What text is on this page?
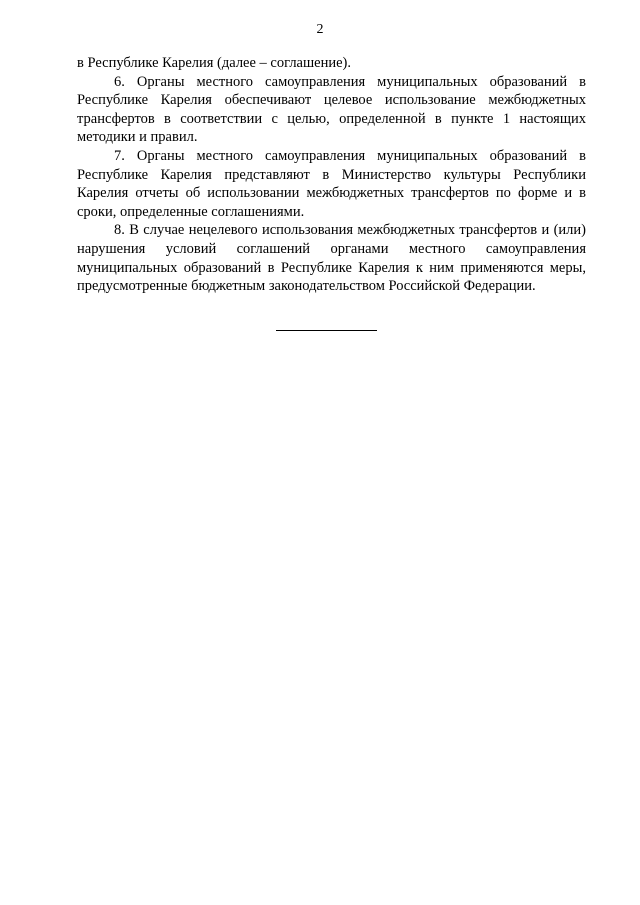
2

в Республике Карелия (далее – соглашение).

6. Органы местного самоуправления муниципальных образований в Республике Карелия обеспечивают целевое использование межбюджетных трансфертов в соответствии с целью, определенной в пункте 1 настоящих методики и правил.

7. Органы местного самоуправления муниципальных образований в Республике Карелия представляют в Министерство культуры Республики Карелия отчеты об использовании межбюджетных трансфертов по форме и в сроки, определенные соглашениями.

8. В случае нецелевого использования межбюджетных трансфертов и (или) нарушения условий соглашений органами местного самоуправления муниципальных образований в Республике Карелия к ним применяются меры, предусмотренные бюджетным законодательством Российской Федерации.
